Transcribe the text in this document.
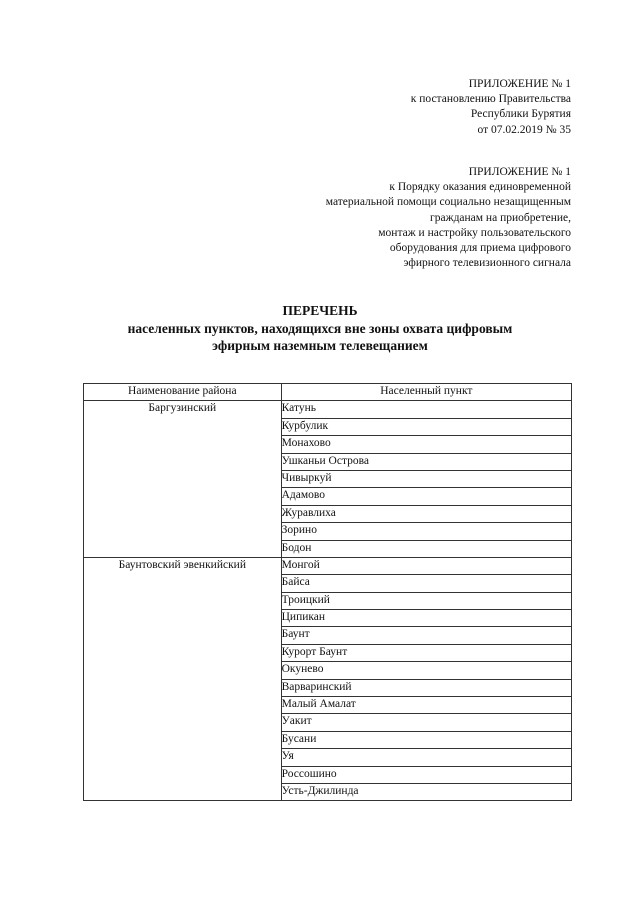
ПРИЛОЖЕНИЕ № 1
к постановлению Правительства
Республики Бурятия
от 07.02.2019 № 35
ПРИЛОЖЕНИЕ № 1
к Порядку оказания единовременной
материальной помощи социально незащищенным
гражданам на приобретение,
монтаж и настройку пользовательского
оборудования для приема цифрового
эфирного телевизионного сигнала
ПЕРЕЧЕНЬ
населенных пунктов, находящихся вне зоны охвата цифровым
эфирным наземным телевещанием
Наименование района	Населенный пункт
Баргузинский	Катунь
	Курбулик
	Монахово
	Ушканьи Острова
	Чивыркуй
	Адамово
	Журавлиха
	Зорино
	Бодон
Баунтовский эвенкийский	Монгой
	Байса
	Троицкий
	Ципикан
	Баунт
	Курорт Баунт
	Окунево
	Варваринский
	Малый Амалат
	Уакит
	Бусани
	Уя
	Россошино
	Усть-Джилинда
